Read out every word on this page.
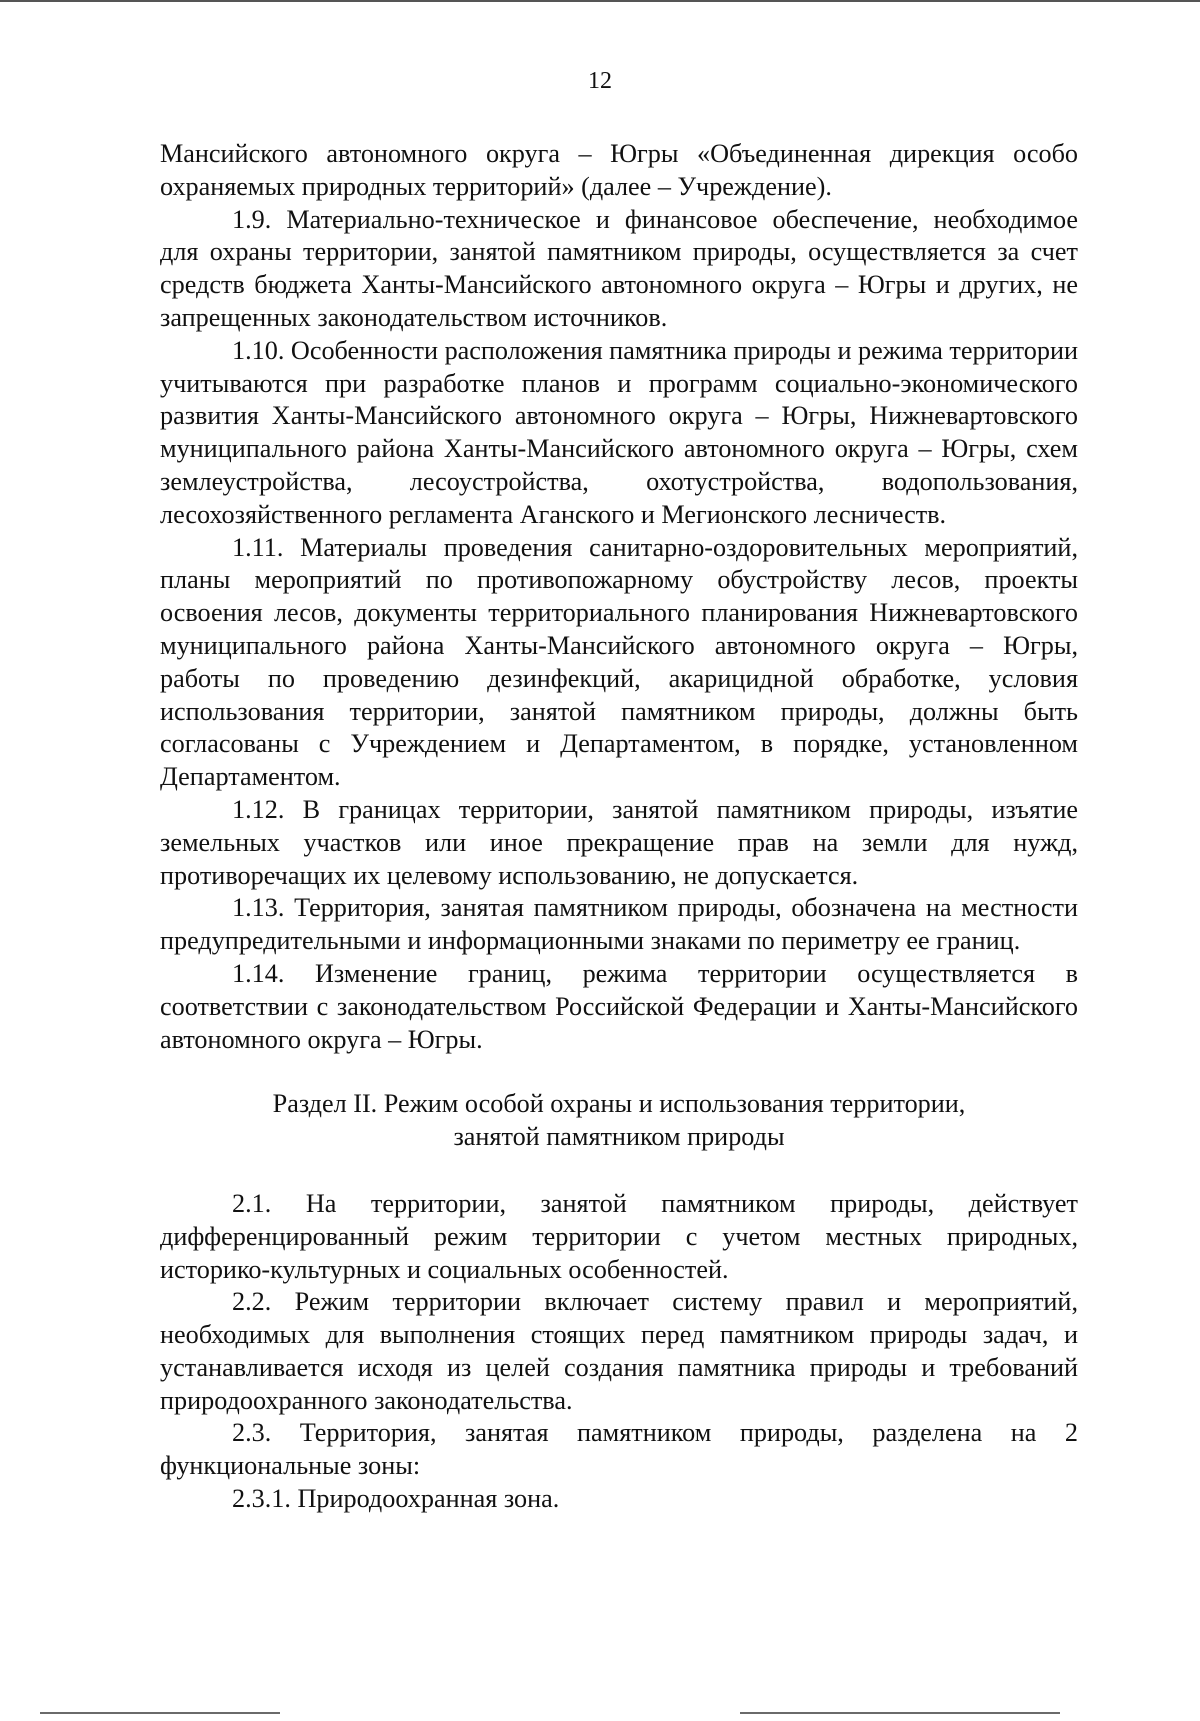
12

Мансийского автономного округа – Югры «Объединенная дирекция особо охраняемых природных территорий» (далее – Учреждение).

1.9. Материально-техническое и финансовое обеспечение, необходимое для охраны территории, занятой памятником природы, осуществляется за счет средств бюджета Ханты-Мансийского автономного округа – Югры и других, не запрещенных законодательством источников.

1.10. Особенности расположения памятника природы и режима территории учитываются при разработке планов и программ социально-экономического развития Ханты-Мансийского автономного округа – Югры, Нижневартовского муниципального района Ханты-Мансийского автономного округа – Югры, схем землеустройства, лесоустройства, охотустройства, водопользования, лесохозяйственного регламента Аганского и Мегионского лесничеств.

1.11. Материалы проведения санитарно-оздоровительных мероприятий, планы мероприятий по противопожарному обустройству лесов, проекты освоения лесов, документы территориального планирования Нижневартовского муниципального района Ханты-Мансийского автономного округа – Югры, работы по проведению дезинфекций, акарицидной обработке, условия использования территории, занятой памятником природы, должны быть согласованы с Учреждением и Департаментом, в порядке, установленном Департаментом.

1.12. В границах территории, занятой памятником природы, изъятие земельных участков или иное прекращение прав на земли для нужд, противоречащих их целевому использованию, не допускается.

1.13. Территория, занятая памятником природы, обозначена на местности предупредительными и информационными знаками по периметру ее границ.

1.14. Изменение границ, режима территории осуществляется в соответствии с законодательством Российской Федерации и Ханты-Мансийского автономного округа – Югры.

Раздел II. Режим особой охраны и использования территории,
занятой памятником природы

2.1. На территории, занятой памятником природы, действует дифференцированный режим территории с учетом местных природных, историко-культурных и социальных особенностей.

2.2. Режим территории включает систему правил и мероприятий, необходимых для выполнения стоящих перед памятником природы задач, и устанавливается исходя из целей создания памятника природы и требований природоохранного законодательства.

2.3. Территория, занятая памятником природы, разделена на 2 функциональные зоны:

2.3.1. Природоохранная зона.
